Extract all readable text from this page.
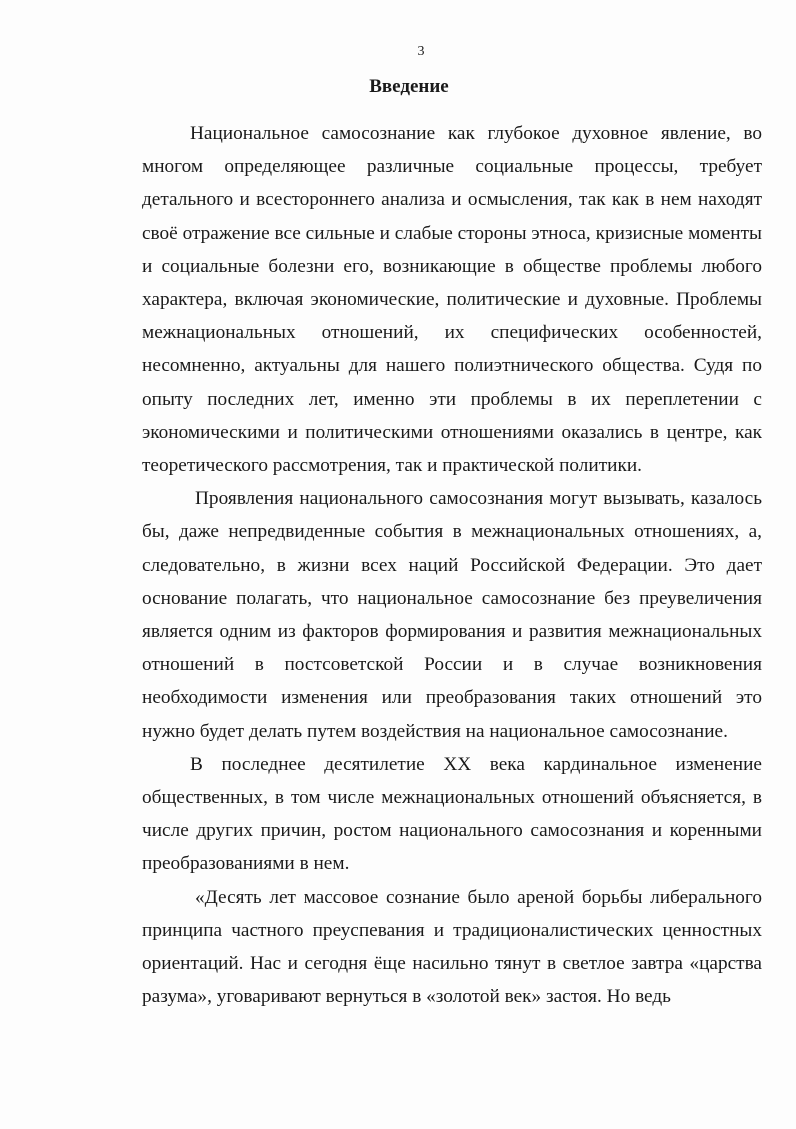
3
Введение

Национальное самосознание как глубокое духовное явление, во многом определяющее различные социальные процессы, требует детального и всестороннего анализа и осмысления, так как в нем находят своё отражение все сильные и слабые стороны этноса, кризисные моменты и социальные болезни его, возникающие в обществе проблемы любого характера, включая экономические, политические и духовные. Проблемы межнациональных отношений, их специфических особенностей, несомненно, актуальны для нашего полиэтнического общества. Судя по опыту последних лет, именно эти проблемы в их переплетении с экономическими и политическими отношениями оказались в центре, как теоретического рассмотрения, так и практической политики.

Проявления национального самосознания могут вызывать, казалось бы, даже непредвиденные события в межнациональных отношениях, а, следовательно, в жизни всех наций Российской Федерации. Это дает основание полагать, что национальное самосознание без преувеличения является одним из факторов формирования и развития межнациональных отношений в постсоветской России и в случае возникновения необходимости изменения или преобразования таких отношений это нужно будет делать путем воздействия на национальное самосознание.

В последнее десятилетие XX века кардинальное изменение общественных, в том числе межнациональных отношений объясняется, в числе других причин, ростом национального самосознания и коренными преобразованиями в нем.

«Десять лет массовое сознание было ареной борьбы либерального принципа частного преуспевания и традиционалистических ценностных ориентаций. Нас и сегодня ёще насильно тянут в светлое завтра «царства разума», уговаривают вернуться в «золотой век» застоя. Но ведь
